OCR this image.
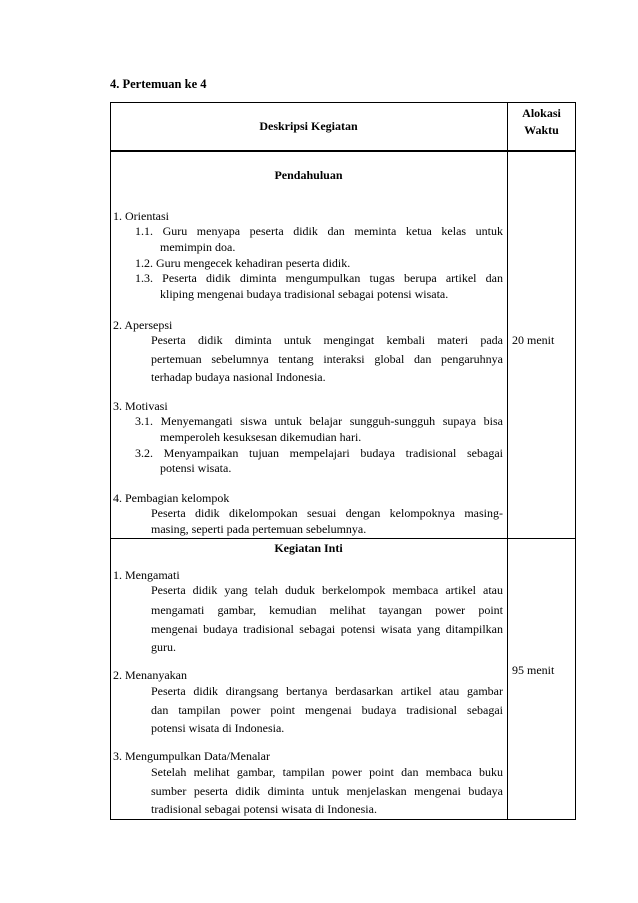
4. Pertemuan ke 4
Deskripsi Kegiatan
Alokasi
Waktu
Pendahuluan
1. Orientasi
1.1. Guru menyapa peserta didik dan meminta ketua kelas untuk
memimpin doa.
1.2. Guru mengecek kehadiran peserta didik.
1.3. Peserta didik diminta mengumpulkan tugas berupa artikel dan
kliping mengenai budaya tradisional sebagai potensi wisata.
2. Apersepsi
Peserta didik diminta untuk mengingat kembali materi pada
pertemuan sebelumnya tentang interaksi global dan pengaruhnya
terhadap budaya nasional Indonesia.
3. Motivasi
3.1. Menyemangati siswa untuk belajar sungguh-sungguh supaya bisa
memperoleh kesuksesan dikemudian hari.
3.2. Menyampaikan tujuan mempelajari budaya tradisional sebagai
potensi wisata.
4. Pembagian kelompok
Peserta didik dikelompokan sesuai dengan kelompoknya masing-
masing, seperti pada pertemuan sebelumnya.
20 menit
Kegiatan Inti
1. Mengamati
Peserta didik yang telah duduk berkelompok membaca artikel atau
mengamati gambar, kemudian melihat tayangan power point
mengenai budaya tradisional sebagai potensi wisata yang ditampilkan
guru.
2. Menanyakan
Peserta didik dirangsang bertanya berdasarkan artikel atau gambar
dan tampilan power point mengenai budaya tradisional sebagai
potensi wisata di Indonesia.
3. Mengumpulkan Data/Menalar
Setelah melihat gambar, tampilan power point dan membaca buku
sumber peserta didik diminta untuk menjelaskan mengenai budaya
tradisional sebagai potensi wisata di Indonesia.
95 menit
